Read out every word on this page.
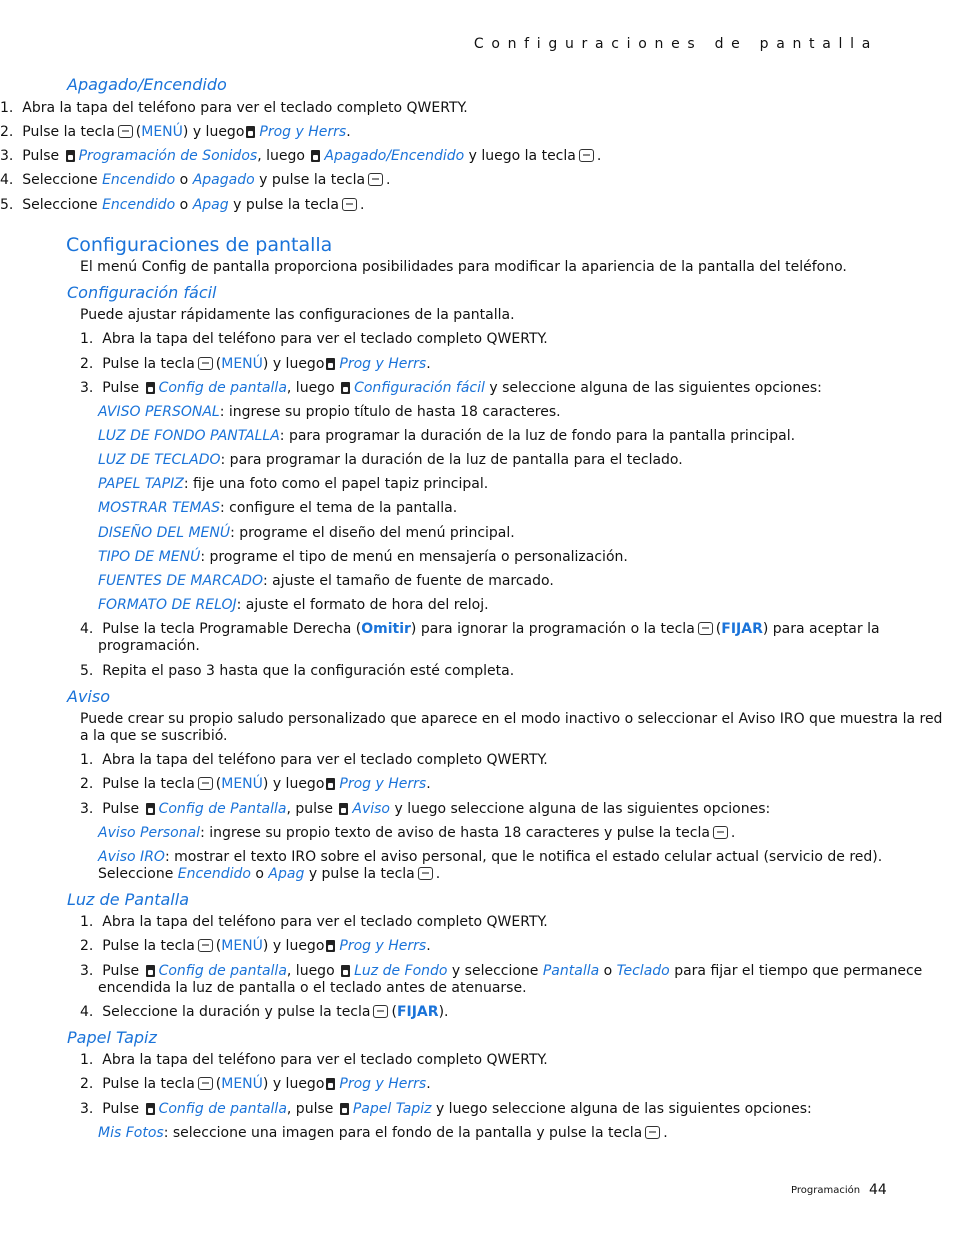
Configuraciones de pantalla
Apagado/Encendido
1. Abra la tapa del teléfono para ver el teclado completo QWERTY.
2.  Pulse la tecla (MENÚ) y luego Prog y Herrs.
3.  Pulse Programación de Sonidos, luego Apagado/Encendido y luego la tecla .
4.  Seleccione Encendido o Apagado y pulse la tecla .
5.  Seleccione Encendido o Apag y pulse la tecla .
Configuraciones de pantalla
El menú Config de pantalla proporciona posibilidades para modificar la apariencia de la pantalla del teléfono.
Configuración fácil
Puede ajustar rápidamente las configuraciones de la pantalla.
1.  Abra la tapa del teléfono para ver el teclado completo QWERTY.
2.  Pulse la tecla (MENÚ) y luego Prog y Herrs.
3.  Pulse Config de pantalla, luego Configuración fácil y seleccione alguna de las siguientes opciones:
AVISO PERSONAL: ingrese su propio título de hasta 18 caracteres.
LUZ DE FONDO PANTALLA: para programar la duración de la luz de fondo para la pantalla principal.
LUZ DE TECLADO: para programar la duración de la luz de pantalla para el teclado.
PAPEL TAPIZ: fije una foto como el papel tapiz principal.
MOSTRAR TEMAS: configure el tema de la pantalla.
DISEÑO DEL MENÚ: programe el diseño del menú principal.
TIPO DE MENÚ: programe el tipo de menú en mensajería o personalización.
FUENTES DE MARCADO: ajuste el tamaño de fuente de marcado.
FORMATO DE RELOJ: ajuste el formato de hora del reloj.
4.  Pulse la tecla Programable Derecha (Omitir) para ignorar la programación o la tecla (FIJAR) para aceptar la
programación.
5.  Repita el paso 3 hasta que la configuración esté completa.
Aviso
Puede crear su propio saludo personalizado que aparece en el modo inactivo o seleccionar el Aviso IRO que muestra la red
a la que se suscribió.
1.  Abra la tapa del teléfono para ver el teclado completo QWERTY.
2.  Pulse la tecla (MENÚ) y luego Prog y Herrs.
3.  Pulse Config de Pantalla, pulse Aviso y luego seleccione alguna de las siguientes opciones:
Aviso Personal: ingrese su propio texto de aviso de hasta 18 caracteres y pulse la tecla .
Aviso IRO: mostrar el texto IRO sobre el aviso personal, que le notifica el estado celular actual (servicio de red).
Seleccione Encendido o Apag y pulse la tecla .
Luz de Pantalla
1.  Abra la tapa del teléfono para ver el teclado completo QWERTY.
2.  Pulse la tecla (MENÚ) y luego Prog y Herrs.
3.  Pulse Config de pantalla, luego Luz de Fondo y seleccione Pantalla o Teclado para fijar el tiempo que permanece
encendida la luz de pantalla o el teclado antes de atenuarse.
4.  Seleccione la duración y pulse la tecla (FIJAR).
Papel Tapiz
1.  Abra la tapa del teléfono para ver el teclado completo QWERTY.
2.  Pulse la tecla (MENÚ) y luego Prog y Herrs.
3.  Pulse Config de pantalla, pulse Papel Tapiz y luego seleccione alguna de las siguientes opciones:
Mis Fotos: seleccione una imagen para el fondo de la pantalla y pulse la tecla .
Programación 44
